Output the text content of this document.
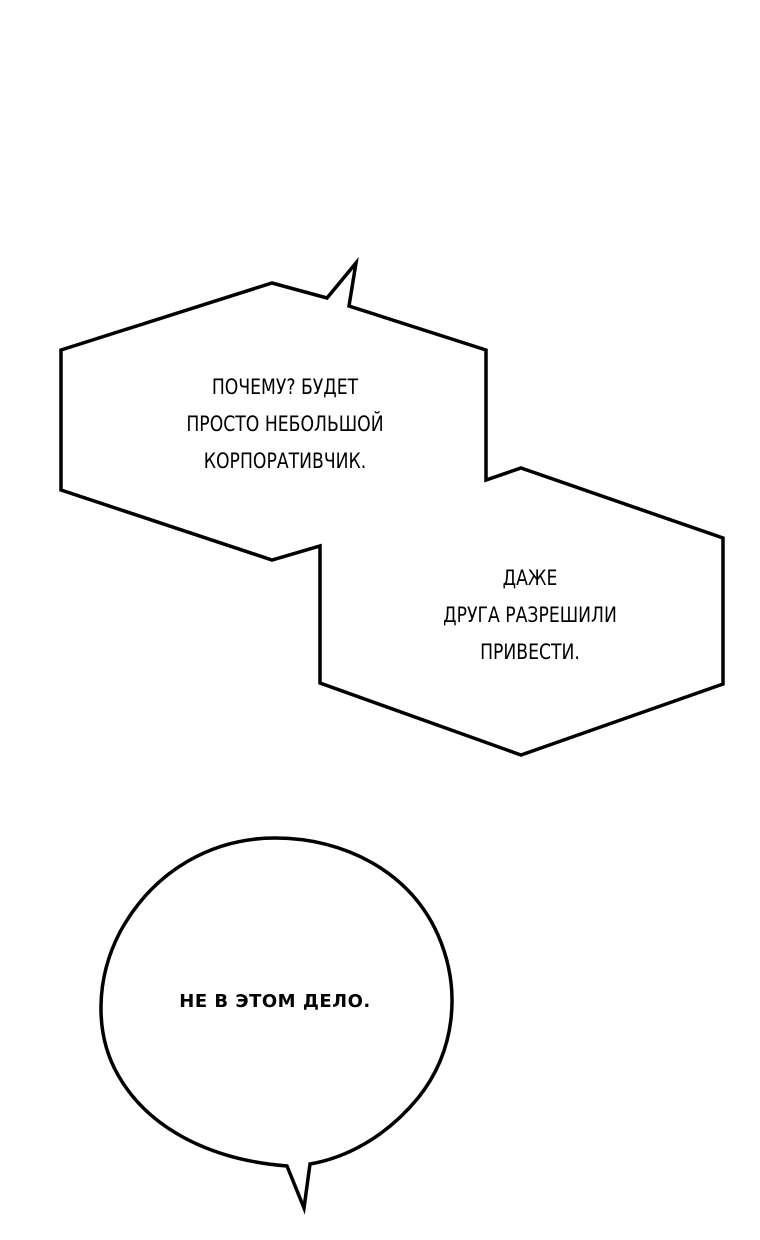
ПОЧЕМУ? БУДЕТ
ПРОСТО НЕБОЛЬШОЙ
КОРПОРАТИВЧИК.
ДАЖЕ
ДРУГА РАЗРЕШИЛИ
ПРИВЕСТИ.
НЕ В ЭТОМ ДЕЛО.
